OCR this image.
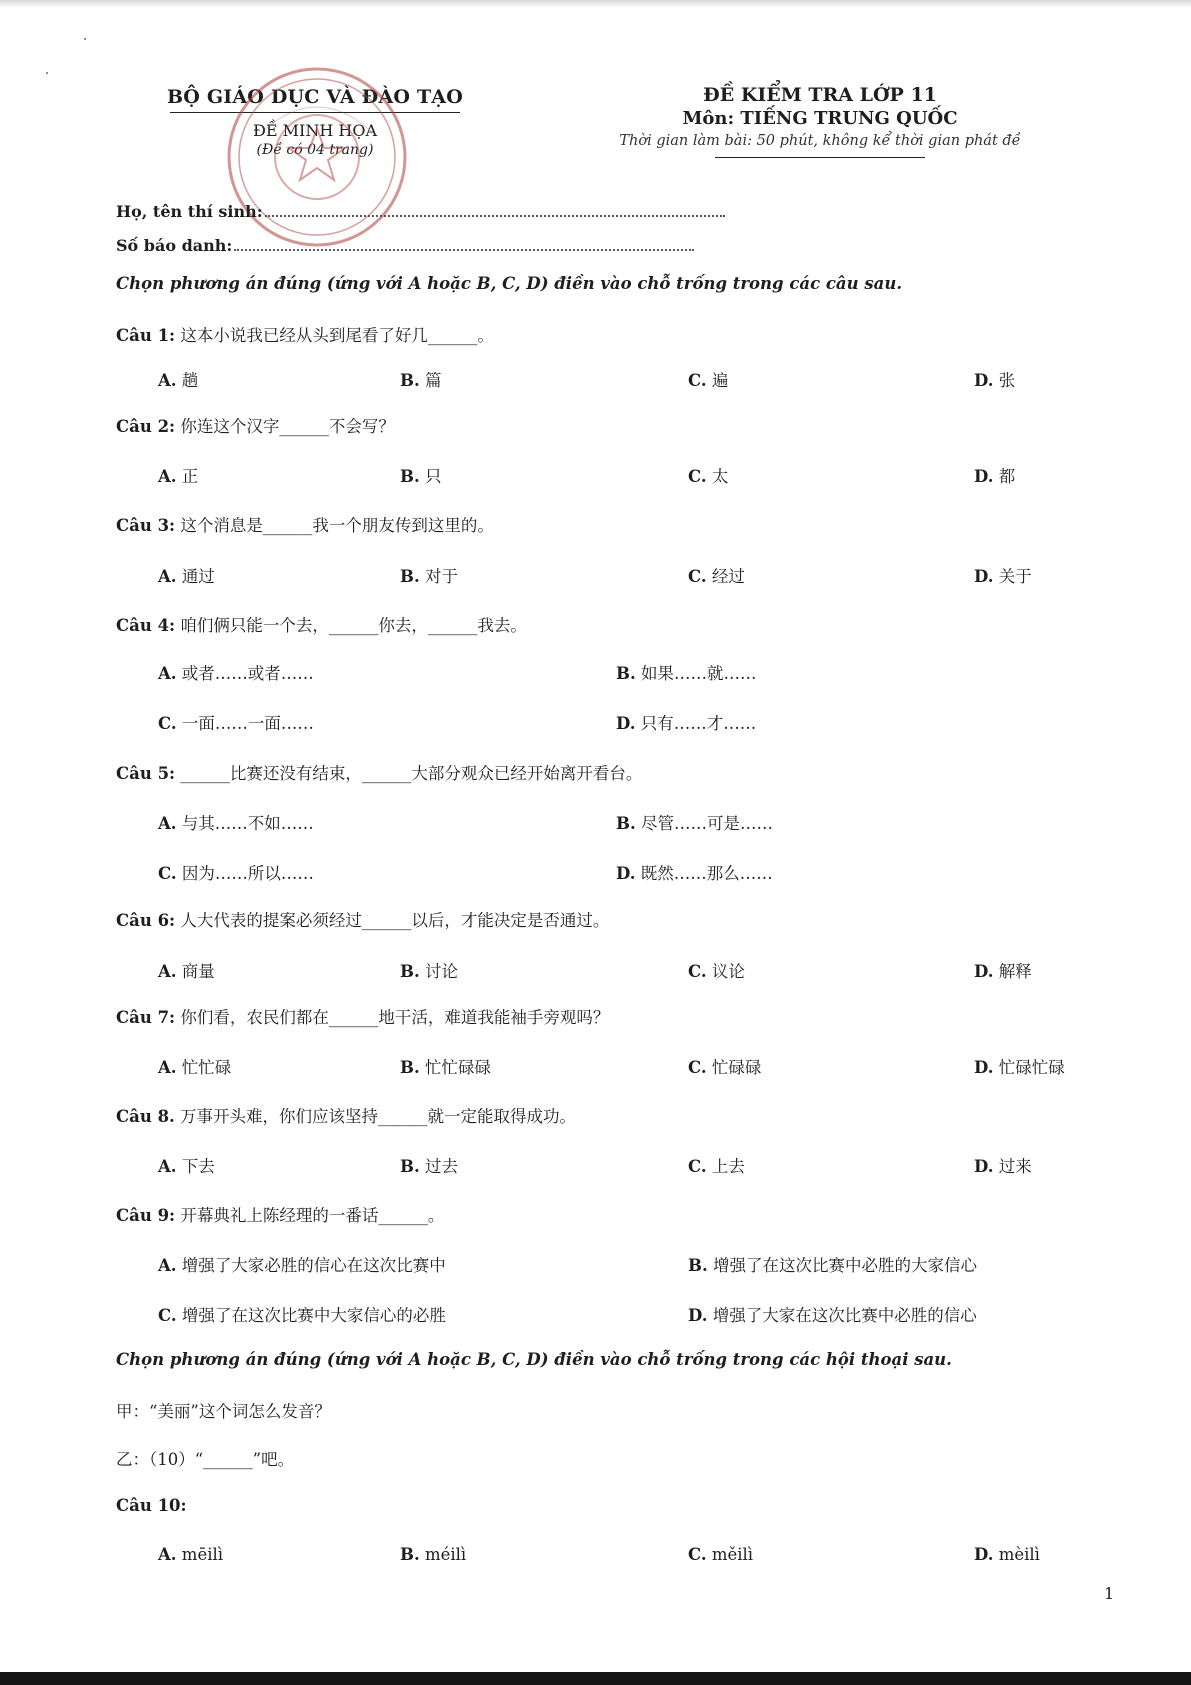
BỘ GIÁO DỤC VÀ ĐÀO TẠO
ĐỀ MINH HỌA
(Đề có 04 trang)
ĐỀ KIỂM TRA LỚP 11
Môn: TIẾNG TRUNG QUỐC
Thời gian làm bài: 50 phút, không kể thời gian phát đề
Họ, tên thí sinh:
Số báo danh:
Chọn phương án đúng (ứng với A hoặc B, C, D) điền vào chỗ trống trong các câu sau.
Câu 1: 这本小说我已经从头到尾看了好几______。
A. 趟	B. 篇	C. 遍	D. 张
Câu 2: 你连这个汉字______不会写？
A. 正	B. 只	C. 太	D. 都
Câu 3: 这个消息是______我一个朋友传到这里的。
A. 通过	B. 对于	C. 经过	D. 关于
Câu 4: 咱们俩只能一个去，______你去，______我去。
A. 或者……或者……	B. 如果……就……
C. 一面……一面……	D. 只有……才……
Câu 5: ______比赛还没有结束，______大部分观众已经开始离开看台。
A. 与其……不如……	B. 尽管……可是……
C. 因为……所以……	D. 既然……那么……
Câu 6: 人大代表的提案必须经过______以后，才能决定是否通过。
A. 商量	B. 讨论	C. 议论	D. 解释
Câu 7: 你们看，农民们都在______地干活，难道我能袖手旁观吗？
A. 忙忙碌	B. 忙忙碌碌	C. 忙碌碌	D. 忙碌忙碌
Câu 8. 万事开头难，你们应该坚持______就一定能取得成功。
A. 下去	B. 过去	C. 上去	D. 过来
Câu 9: 开幕典礼上陈经理的一番话______。
A. 增强了大家必胜的信心在这次比赛中	B. 增强了在这次比赛中必胜的大家信心
C. 增强了在这次比赛中大家信心的必胜	D. 增强了大家在这次比赛中必胜的信心
Chọn phương án đúng (ứng với A hoặc B, C, D) điền vào chỗ trống trong các hội thoại sau.
甲：“美丽”这个词怎么发音？
乙：（10）“______”吧。
Câu 10:
A. mēilì	B. méilì	C. měilì	D. mèilì
1
